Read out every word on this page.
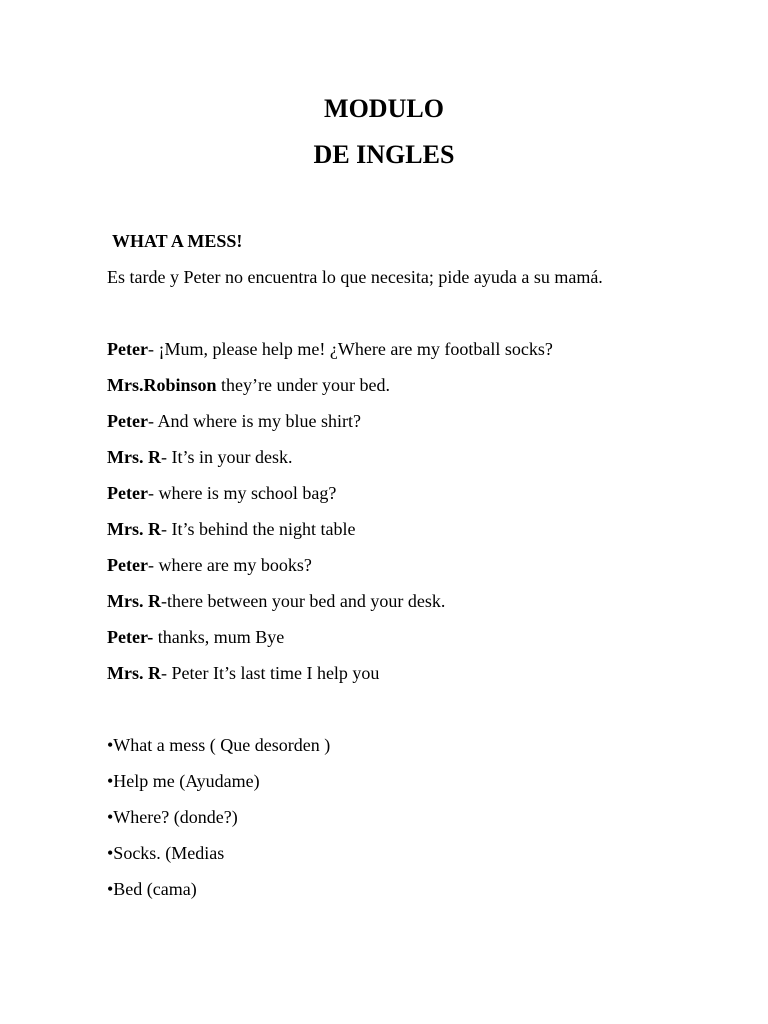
MODULO
DE INGLES
WHAT A MESS!
Es tarde y Peter no encuentra lo que necesita; pide ayuda a su mamá.
Peter- ¡Mum, please help me! ¿Where are my football socks?
Mrs.Robinson they’re under your bed.
Peter- And where is my blue shirt?
Mrs. R- It’s in your desk.
Peter- where is my school bag?
Mrs. R- It’s behind the night table
Peter- where are my books?
Mrs. R-there between your bed and your desk.
Peter- thanks, mum Bye
Mrs. R- Peter It’s last time I help you
•What a mess ( Que desorden )
•Help me (Ayudame)
•Where? (donde?)
•Socks. (Medias
•Bed (cama)
